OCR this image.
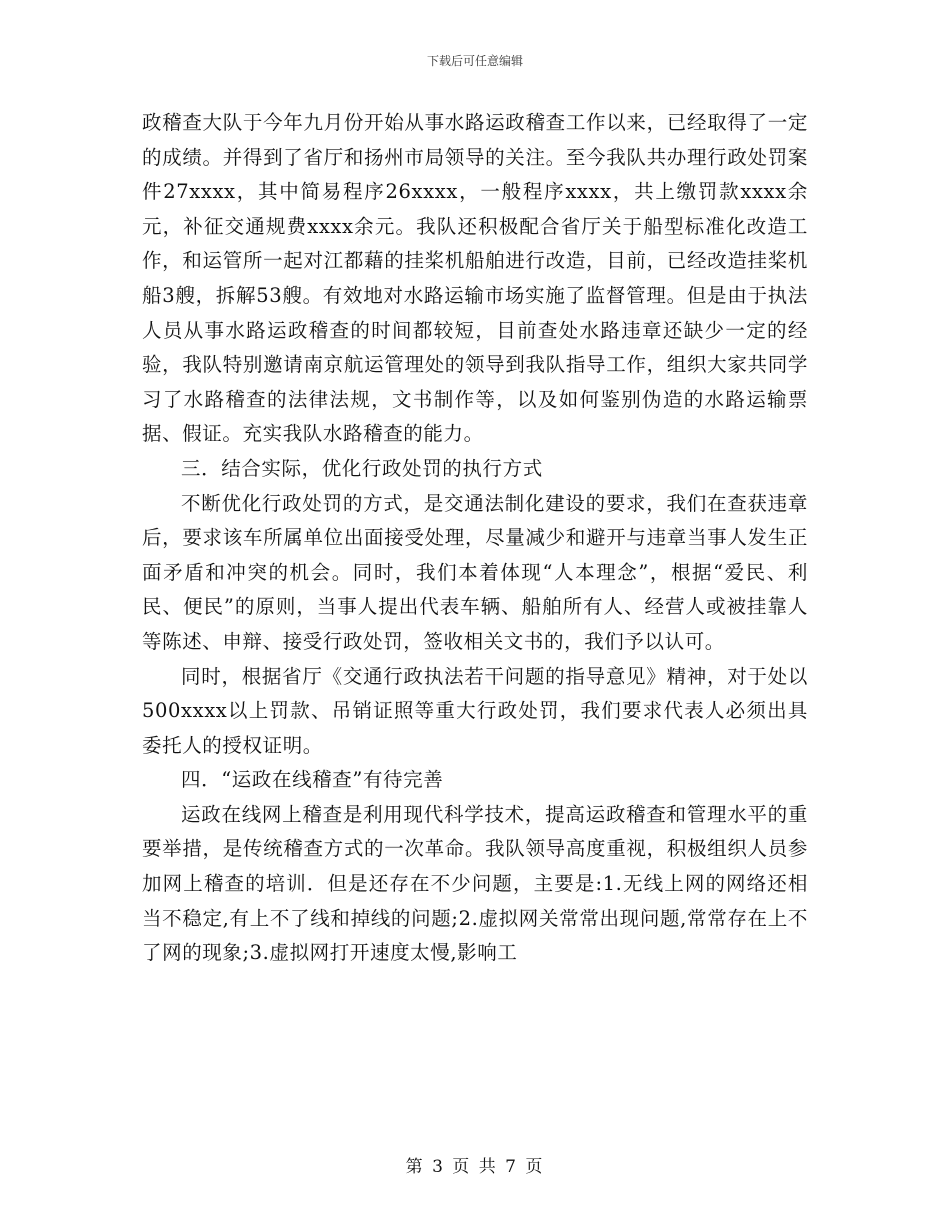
下载后可任意编辑

政稽查大队于今年九月份开始从事水路运政稽查工作以来，已经取得了一定的成绩。并得到了省厅和扬州市局领导的关注。至今我队共办理行政处罚案件27xxxx，其中简易程序26xxxx，一般程序xxxx，共上缴罚款xxxx余元，补征交通规费xxxx余元。我队还积极配合省厅关于船型标准化改造工作，和运管所一起对江都藉的挂桨机船舶进行改造，目前，已经改造挂桨机船3艘，拆解53艘。有效地对水路运输市场实施了监督管理。但是由于执法人员从事水路运政稽查的时间都较短，目前查处水路违章还缺少一定的经验，我队特别邀请南京航运管理处的领导到我队指导工作，组织大家共同学习了水路稽查的法律法规，文书制作等，以及如何鉴别伪造的水路运输票据、假证。充实我队水路稽查的能力。

三．结合实际，优化行政处罚的执行方式

不断优化行政处罚的方式，是交通法制化建设的要求，我们在查获违章后，要求该车所属单位出面接受处理，尽量减少和避开与违章当事人发生正面矛盾和冲突的机会。同时，我们本着体现“人本理念”，根据“爱民、利民、便民”的原则，当事人提出代表车辆、船舶所有人、经营人或被挂靠人等陈述、申辩、接受行政处罚，签收相关文书的，我们予以认可。

同时，根据省厅《交通行政执法若干问题的指导意见》精神，对于处以500xxxx以上罚款、吊销证照等重大行政处罚，我们要求代表人必须出具委托人的授权证明。

四．“运政在线稽查”有待完善

运政在线网上稽查是利用现代科学技术，提高运政稽查和管理水平的重要举措，是传统稽查方式的一次革命。我队领导高度重视，积极组织人员参加网上稽查的培训．但是还存在不少问题，主要是:1.无线上网的网络还相当不稳定,有上不了线和掉线的问题;2.虚拟网关常常出现问题,常常存在上不了网的现象;3.虚拟网打开速度太慢,影响工

第 3 页 共 7 页
